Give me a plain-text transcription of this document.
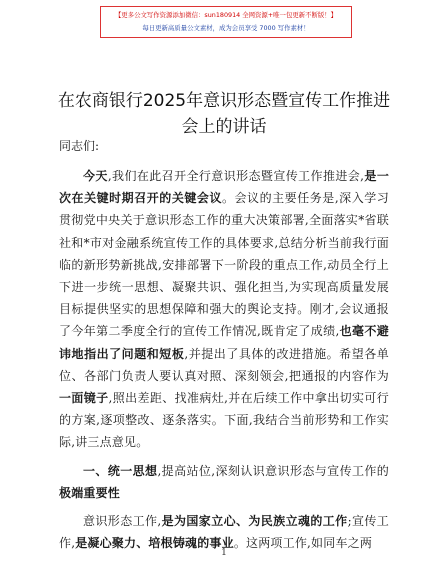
【更多公文写作资源添加微信：sun180914 全网资源+唯一包更新不断版！】
每日更新高质量公文素材，成为会员享受 7000 写作素材！
在农商银行2025年意识形态暨宣传工作推进会上的讲话
同志们:

今天,我们在此召开全行意识形态暨宣传工作推进会,是一次在关键时期召开的关键会议。会议的主要任务是,深入学习贯彻党中央关于意识形态工作的重大决策部署,全面落实*省联社和*市对金融系统宣传工作的具体要求,总结分析当前我行面临的新形势新挑战,安排部署下一阶段的重点工作,动员全行上下进一步统一思想、凝聚共识、强化担当,为实现高质量发展目标提供坚实的思想保障和强大的舆论支持。刚才,会议通报了今年第二季度全行的宣传工作情况,既肯定了成绩,也毫不避讳地指出了问题和短板,并提出了具体的改进措施。希望各单位、各部门负责人要认真对照、深刻领会,把通报的内容作为一面镜子,照出差距、找准病灶,并在后续工作中拿出切实可行的方案,逐项整改、逐条落实。下面,我结合当前形势和工作实际,讲三点意见。

一、统一思想,提高站位,深刻认识意识形态与宣传工作的极端重要性

意识形态工作,是为国家立心、为民族立魂的工作;宣传工作,是凝心聚力、培根铸魂的事业。这两项工作,如同车之两

1
